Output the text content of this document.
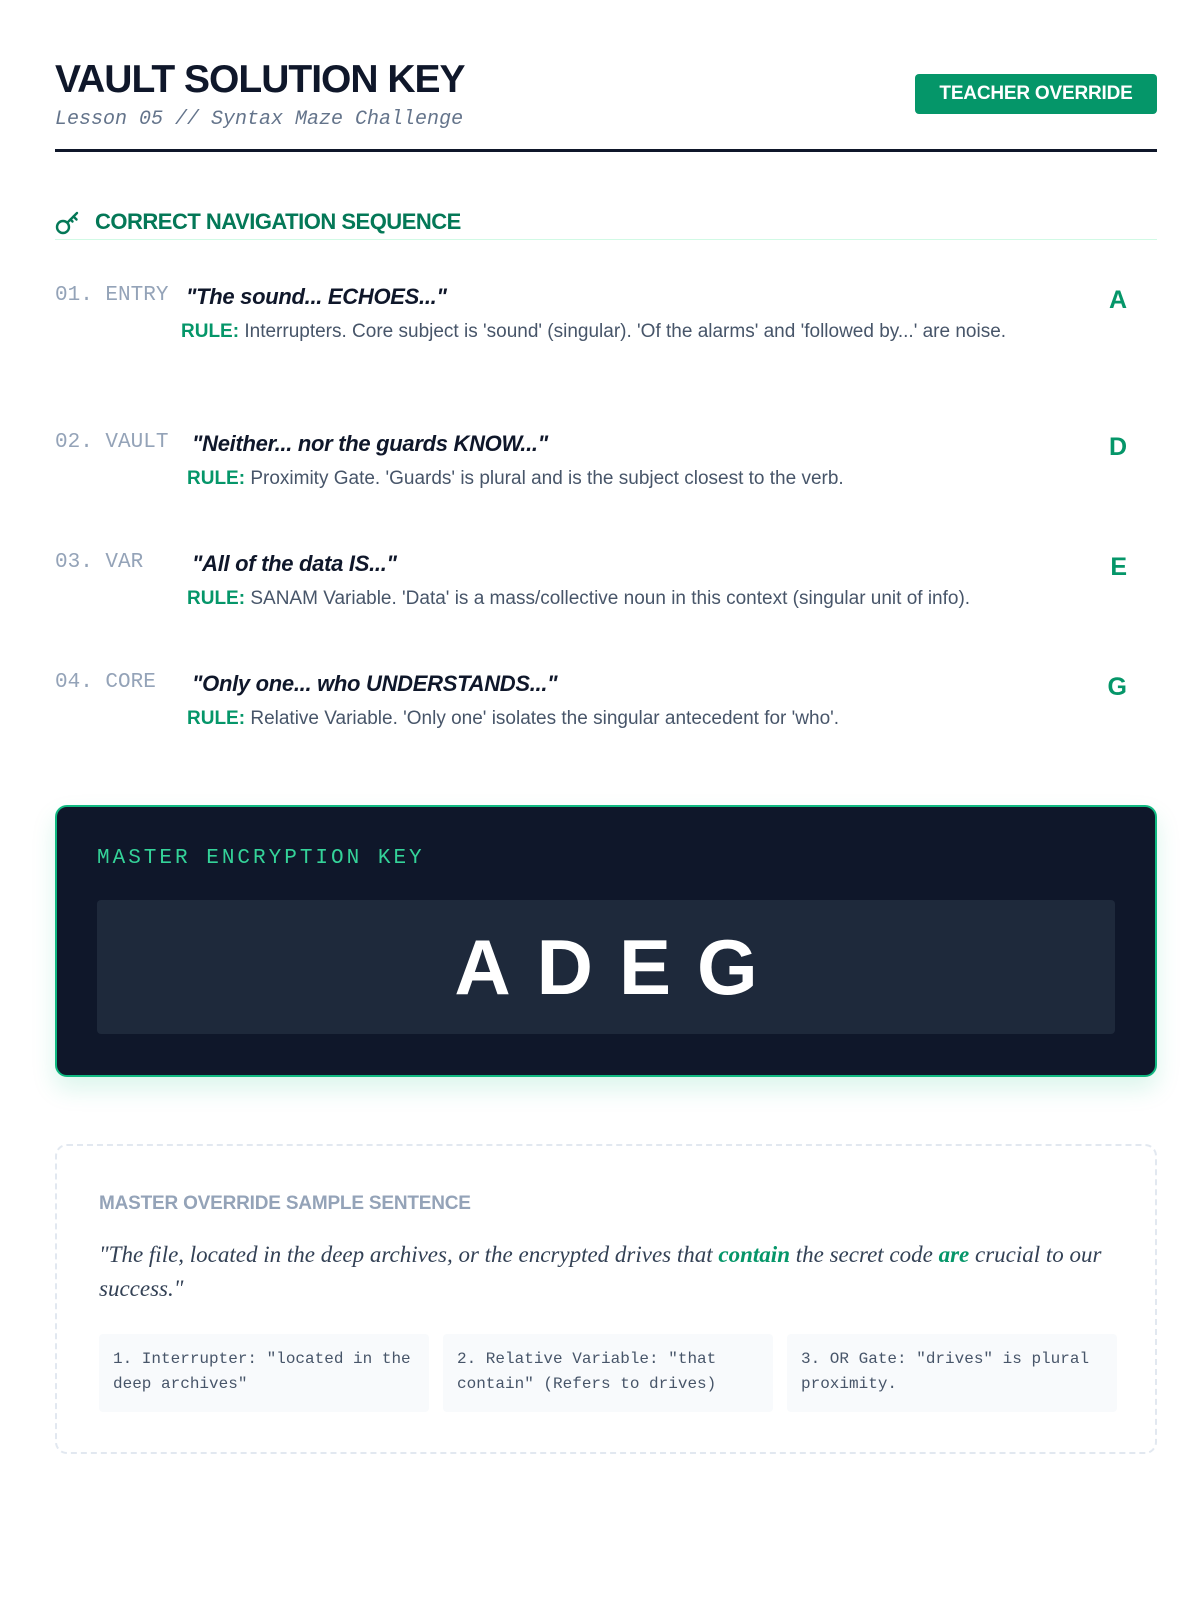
VAULT SOLUTION KEY
Lesson 05 // Syntax Maze Challenge
TEACHER OVERRIDE
CORRECT NAVIGATION SEQUENCE
01. ENTRY "The sound... ECHOES..."
RULE: Interrupters. Core subject is 'sound' (singular). 'Of the alarms' and 'followed by...' are noise.
A
02. VAULT "Neither... nor the guards KNOW..."
RULE: Proximity Gate. 'Guards' is plural and is the subject closest to the verb.
D
03. VAR "All of the data IS..."
RULE: SANAM Variable. 'Data' is a mass/collective noun in this context (singular unit of info).
E
04. CORE "Only one... who UNDERSTANDS..."
RULE: Relative Variable. 'Only one' isolates the singular antecedent for 'who'.
G
MASTER ENCRYPTION KEY
ADEG
MASTER OVERRIDE SAMPLE SENTENCE
"The file, located in the deep archives, or the encrypted drives that contain the secret code are crucial to our success."
1. Interrupter: "located in the deep archives"
2. Relative Variable: "that contain" (Refers to drives)
3. OR Gate: "drives" is plural proximity.
